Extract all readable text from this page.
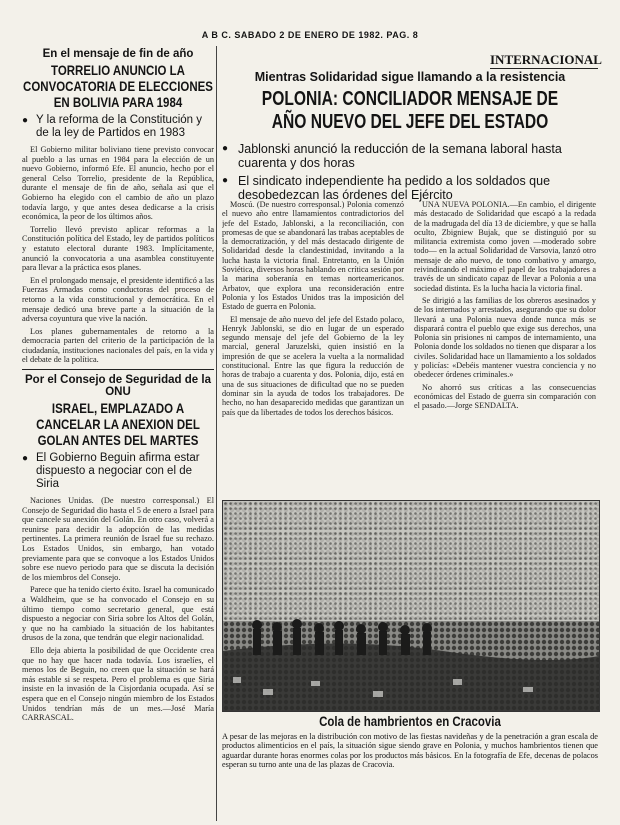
A B C. SABADO 2 DE ENERO DE 1982. PAG. 8
En el mensaje de fin de año
TORRELIO ANUNCIO LA CONVOCATORIA DE ELECCIONES EN BOLIVIA PARA 1984
● Y la reforma de la Constitución y de la ley de Partidos en 1983

El Gobierno militar boliviano tiene previsto convocar al pueblo a las urnas en 1984 para la elección de un nuevo Gobierno, informó Efe. El anuncio, hecho por el general Celso Torrelio, presidente de la República, durante el mensaje de fin de año, señala así que el Gobierno ha elegido con el cambio de año un plazo todavía largo, y que antes desea dedicarse a la crisis económica, la peor de los últimos años.

Torrelio llevó previsto aplicar reformas a la Constitución política del Estado, ley de partidos políticos y estatuto electoral durante 1983. Implícitamente, anunció la convocatoria a una asamblea constituyente para llevar a la práctica esos planes.

En el prolongado mensaje, el presidente identificó a las Fuerzas Armadas como conductoras del proceso de retorno a la vida constitucional y democrática. En el mensaje dedicó una breve parte a la situación de la adversa coyuntura que vive la nación.

Los planes gubernamentales de retorno a la democracia parten del criterio de la participación de la ciudadanía, instituciones nacionales del país, en la vida y el debate de la política.

Por el Consejo de Seguridad de la ONU
ISRAEL, EMPLAZADO A CANCELAR LA ANEXION DEL GOLAN ANTES DEL MARTES
● El Gobierno Beguin afirma estar dispuesto a negociar con el de Siria

Naciones Unidas. (De nuestro corresponsal.) El Consejo de Seguridad dio hasta el 5 de enero a Israel para que cancele su anexión del Golán. En otro caso, volverá a reunirse para decidir la adopción de las medidas pertinentes. La primera reunión de Israel fue su rechazo. Los Estados Unidos, sin embargo, han votado previamente para que se convoque a los Estados Unidos sobre ese nuevo periodo para que se discuta la decisión de los miembros del Consejo.

Parece que ha tenido cierto éxito. Israel ha comunicado a Waldheim, que se ha convocado el Consejo en su último tiempo como secretario general, que está dispuesto a negociar con Siria sobre los Altos del Golán, y que no ha cambiado la situación de los habitantes drusos de la zona, que tendrán que elegir nacionalidad.

Ello deja abierta la posibilidad de que Occidente crea que no hay que hacer nada todavía. Los israelíes, el menos los de Beguin, no creen que la situación se hará más estable si se respeta. Pero el problema es que Siria insiste en la invasión de la Cisjordania ocupada. Así se espera que en el Consejo ningún miembro de los Estados Unidos tendrían más de un mes.—José María CARRASCAL.

INTERNACIONAL
Mientras Solidaridad sigue llamando a la resistencia
POLONIA: CONCILIADOR MENSAJE DE AÑO NUEVO DEL JEFE DEL ESTADO
● Jablonski anunció la reducción de la semana laboral hasta cuarenta y dos horas
● El sindicato independiente ha pedido a los soldados que desobedezcan las órdenes del Ejército

Moscú. (De nuestro corresponsal.) Polonia comenzó el nuevo año entre llamamientos contradictorios del jefe del Estado, Jablonski, a la reconciliación, con promesas de que se abandonará las trabas aceptables de la democratización, y del más destacado dirigente de Solidaridad desde la clandestinidad, invitando a la lucha hasta la victoria final. Entretanto, en la Unión Soviética, diversos horas hablando en crítica sesión por la marina soberanía en temas norteamericanos. Arbatov, que explora una reconsideración entre Polonia y los Estados Unidos tras la imposición del Estado de guerra en Polonia.

El mensaje de año nuevo del jefe del Estado polaco, Henryk Jablonski, se dio en lugar de un esperado segundo mensaje del jefe del Gobierno de la ley marcial, general Jaruzelski, quien insistió en la impresión de que se acelera la vuelta a la normalidad constitucional. Entre las que figura la reducción de horas de trabajo a cuarenta y dos. Polonia, dijo, está en una de sus situaciones de dificultad que no se pueden dominar sin la ayuda de todos los trabajadores. De hecho, no han desaparecido medidas que garantizan un país que da libertades de todos los derechos básicos.

UNA NUEVA POLONIA.—En cambio, el dirigente más destacado de Solidaridad que escapó a la redada de la madrugada del día 13 de diciembre, y que se halla oculto, Zbigniew Bujak, que se distinguió por su militancia extremista como joven —moderado sobre todo— en la actual Solidaridad de Varsovia, lanzó otro mensaje de año nuevo, de tono combativo y amargo, reivindicando el máximo el papel de los trabajadores a través de un sindicato capaz de llevar a Polonia a una sociedad distinta. Es la lucha hacia la victoria final.

Se dirigió a las familias de los obreros asesinados y de los internados y arrestados, asegurando que su dolor llevará a una Polonia nueva donde nunca más se disparará contra el pueblo que exige sus derechos, una Polonia sin prisiones ni campos de internamiento, una Polonia donde los soldados no tienen que disparar a los civiles. Solidaridad hace un llamamiento a los soldados y policías: «Debéis mantener vuestra conciencia y no obedecer órdenes criminales.»

No ahorró sus críticas a las consecuencias económicas del Estado de guerra sin comparación con el pasado.—Jorge SENDALTA.

Cola de hambrientos en Cracovia
A pesar de las mejoras en la distribución con motivo de las fiestas navideñas y de la penetración a gran escala de productos alimenticios en el país, la situación sigue siendo grave en Polonia, y muchos hambrientos tienen que aguardar durante horas enormes colas por los productos más básicos. En la fotografía de Efe, decenas de polacos esperan su turno ante una de las plazas de Cracovia.
